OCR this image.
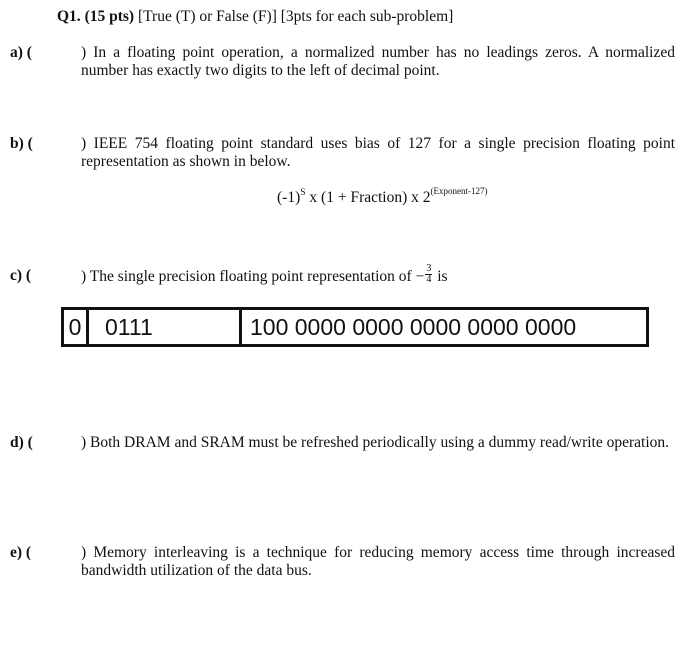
Q1. (15 pts) [True (T) or False (F)] [3pts for each sub-problem]
a) (	) In a floating point operation, a normalized number has no leadings zeros. A normalized number has exactly two digits to the left of decimal point.
b) (	) IEEE 754 floating point standard uses bias of 127 for a single precision floating point representation as shown in below.
$(-1)^S$ x (1 + Fraction) x $2^{(Exponent-127)}$
c) (	) The single precision floating point representation of − $\frac{3}{4}$ is
0	0111	100 0000 0000 0000 0000 0000
d) (	) Both DRAM and SRAM must be refreshed periodically using a dummy read/write operation.
e) (	) Memory interleaving is a technique for reducing memory access time through increased bandwidth utilization of the data bus.
